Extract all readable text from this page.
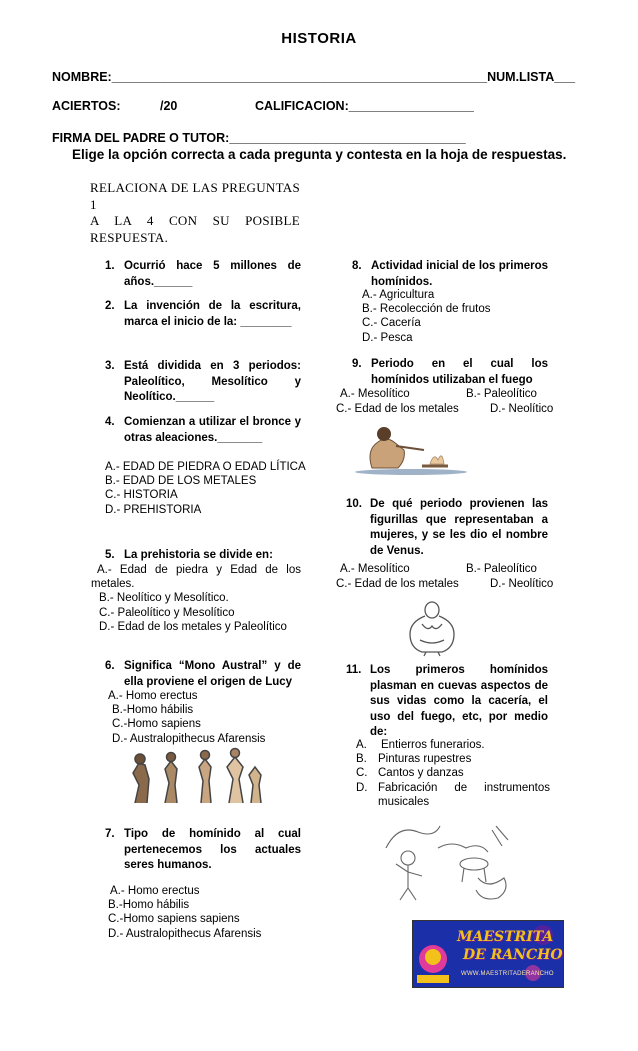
HISTORIA
NOMBRE:______________________________________________________NUM.LISTA___
ACIERTOS:	/20	CALIFICACION:__________________
FIRMA DEL PADRE O TUTOR:__________________________________
Elige la opción correcta a cada pregunta y contesta en la hoja de respuestas.
RELACIONA DE LAS PREGUNTAS 1
A LA 4 CON SU POSIBLE
RESPUESTA.
1. Ocurrió hace 5 millones de años.______
2. La invención de la escritura, marca el inicio de la: ________
3. Está dividida en 3 periodos: Paleolítico, Mesolítico y Neolítico.______
4. Comienzan a utilizar el bronce y otras aleaciones._______
A.- EDAD DE PIEDRA O EDAD LÍTICA
B.- EDAD DE LOS METALES
C.- HISTORIA
D.- PREHISTORIA
5. La prehistoria se divide en:
A.- Edad de piedra y Edad de los
metales.
B.- Neolítico y Mesolítico.
C.- Paleolítico y Mesolítico
D.- Edad de los metales y Paleolítico
6. Significa “Mono Austral” y de ella proviene el origen de Lucy
A.- Homo erectus
B.-Homo hábilis
C.-Homo sapiens
D.- Australopithecus Afarensis
7. Tipo de homínido al cual pertenecemos los actuales seres humanos.
A.- Homo erectus
B.-Homo hábilis
C.-Homo sapiens sapiens
D.- Australopithecus Afarensis
8. Actividad inicial de los primeros homínidos.
A.- Agricultura
B.- Recolección de frutos
C.- Cacería
D.- Pesca
9. Periodo en el cual los homínidos utilizaban el fuego
A.- Mesolítico	B.- Paleolítico
C.- Edad de los metales	D.- Neolítico
10. De qué periodo provienen las figurillas que representaban a mujeres, y se les dio el nombre de Venus.
A.- Mesolítico	B.- Paleolítico
C.- Edad de los metales	D.- Neolítico
11. Los primeros homínidos plasman en cuevas aspectos de sus vidas como la cacería, el uso del fuego, etc, por medio de:
A. Entierros funerarios.
B. Pinturas rupestres
C. Cantos y danzas
D. Fabricación de instrumentos
musicales
MAESTRITA
DE RANCHO
WWW.MAESTRITADERANCHO
